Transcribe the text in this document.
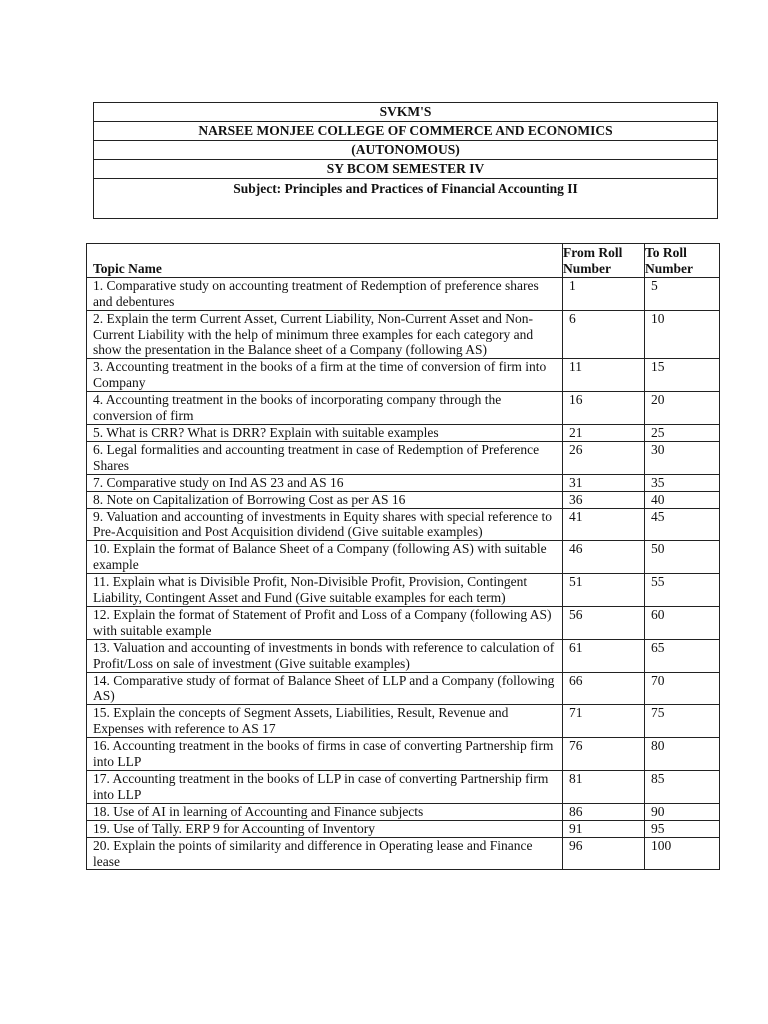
SVKM'S
NARSEE MONJEE COLLEGE OF COMMERCE AND ECONOMICS
(AUTONOMOUS)
SY BCOM SEMESTER IV
Subject: Principles and Practices of Financial Accounting II
Topic Name	From Roll Number	To Roll Number
1. Comparative study on accounting treatment of Redemption of preference shares and debentures	1	5
2. Explain the term Current Asset, Current Liability, Non-Current Asset and Non-Current Liability with the help of minimum three examples for each category and show the presentation in the Balance sheet of a Company (following AS)	6	10
3. Accounting treatment in the books of a firm at the time of conversion of firm into Company	11	15
4. Accounting treatment in the books of incorporating company through the conversion of firm	16	20
5. What is CRR? What is DRR? Explain with suitable examples	21	25
6. Legal formalities and accounting treatment in case of Redemption of Preference Shares	26	30
7. Comparative study on Ind AS 23 and AS 16	31	35
8. Note on Capitalization of Borrowing Cost as per AS 16	36	40
9. Valuation and accounting of investments in Equity shares with special reference to Pre-Acquisition and Post Acquisition dividend (Give suitable examples)	41	45
10. Explain the format of Balance Sheet of a Company (following AS) with suitable example	46	50
11. Explain what is Divisible Profit, Non-Divisible Profit, Provision, Contingent Liability, Contingent Asset and Fund (Give suitable examples for each term)	51	55
12. Explain the format of Statement of Profit and Loss of a Company (following AS) with suitable example	56	60
13. Valuation and accounting of investments in bonds with reference to calculation of Profit/Loss on sale of investment (Give suitable examples)	61	65
14. Comparative study of format of Balance Sheet of LLP and a Company (following AS)	66	70
15. Explain the concepts of Segment Assets, Liabilities, Result, Revenue and Expenses with reference to AS 17	71	75
16. Accounting treatment in the books of firms in case of converting Partnership firm into LLP	76	80
17. Accounting treatment in the books of LLP in case of converting Partnership firm into LLP	81	85
18. Use of AI in learning of Accounting and Finance subjects	86	90
19. Use of Tally. ERP 9 for Accounting of Inventory	91	95
20. Explain the points of similarity and difference in Operating lease and Finance lease	96	100
